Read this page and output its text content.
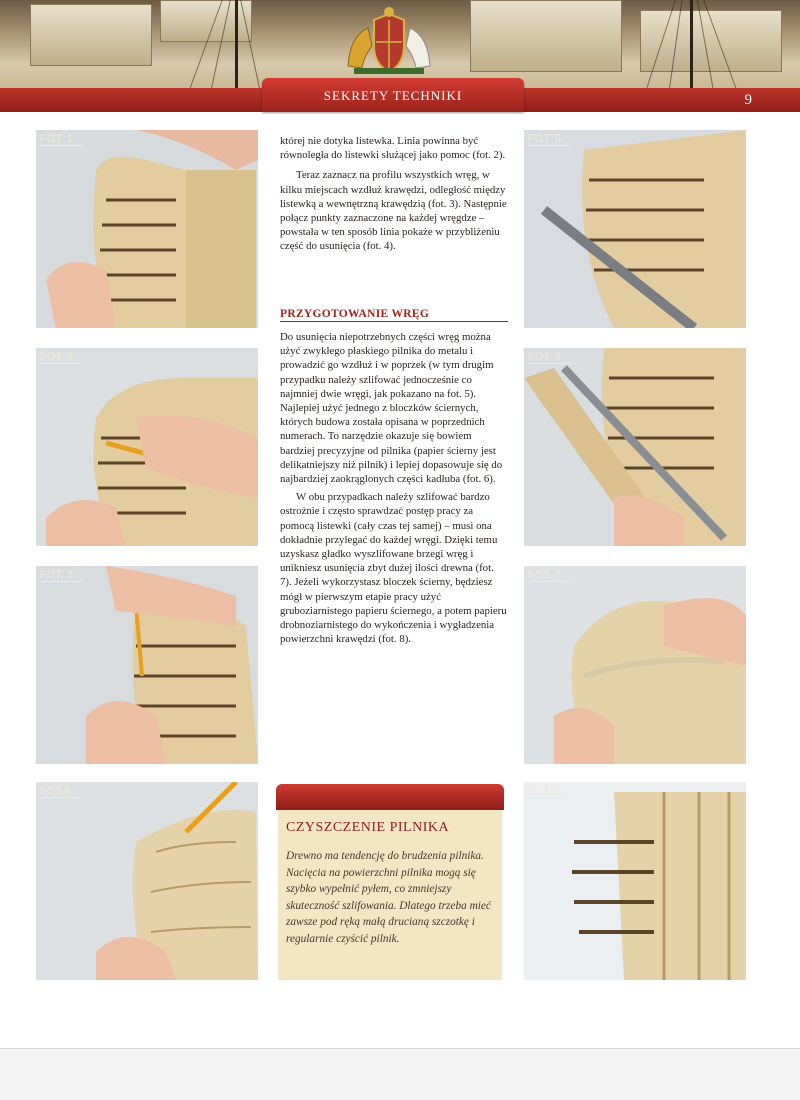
SEKRETY TECHNIKI	9
FOT. 1
FOT. 2
FOT. 3
FOT.4
FOT. 5
FOT. 6
FOT. 7
FOT. 8

której nie dotyka listewka. Linia powinna być równoległa do listewki służącej jako pomoc (fot. 2).

Teraz zaznacz na profilu wszystkich wręg, w kilku miejscach wzdłuż krawędzi, odległość między listewką a wewnętrzną krawędzią (fot. 3). Następnie połącz punkty zaznaczone na każdej wręgdze – powstała w ten sposób linia pokaże w przybliżeniu część do usunięcia (fot. 4).

PRZYGOTOWANIE WRĘG

Do usunięcia niepotrzebnych części wręg można użyć zwykłego płaskiego pilnika do metalu i prowadzić go wzdłuż i w poprzek (w tym drugim przypadku należy szlifować jednocześnie co najmniej dwie wręgi, jak pokazano na fot. 5). Najlepiej użyć jednego z bloczków ściernych, których budowa została opisana w poprzednich numerach. To narzędzie okazuje się bowiem bardziej precyzyjne od pilnika (papier ścierny jest delikatniejszy niż pilnik) i lepiej dopasowuje się do najbardziej zaokrąglonych części kadłuba (fot. 6).

W obu przypadkach należy szlifować bardzo ostrożnie i często sprawdzać postęp pracy za pomocą listewki (cały czas tej samej) – musi ona dokładnie przylegać do każdej wręgi. Dzięki temu uzyskasz gładko wyszlifowane brzegi wręg i unikniesz usunięcia zbyt dużej ilości drewna (fot. 7). Jeżeli wykorzystasz bloczek ścierny, będziesz mógł w pierwszym etapie pracy użyć gruboziarnistego papieru ściernego, a potem papieru drobnoziarnistego do wykończenia i wygładzenia powierzchni krawędzi (fot. 8).

CZYSZCZENIE PILNIKA
Drewno ma tendencję do brudzenia pilnika. Nacięcia na powierzchni pilnika mogą się szybko wypełnić pyłem, co zmniejszy skuteczność szlifowania. Dlatego trzeba mieć zawsze pod ręką małą drucianą szczotkę i regularnie czyścić pilnik.
